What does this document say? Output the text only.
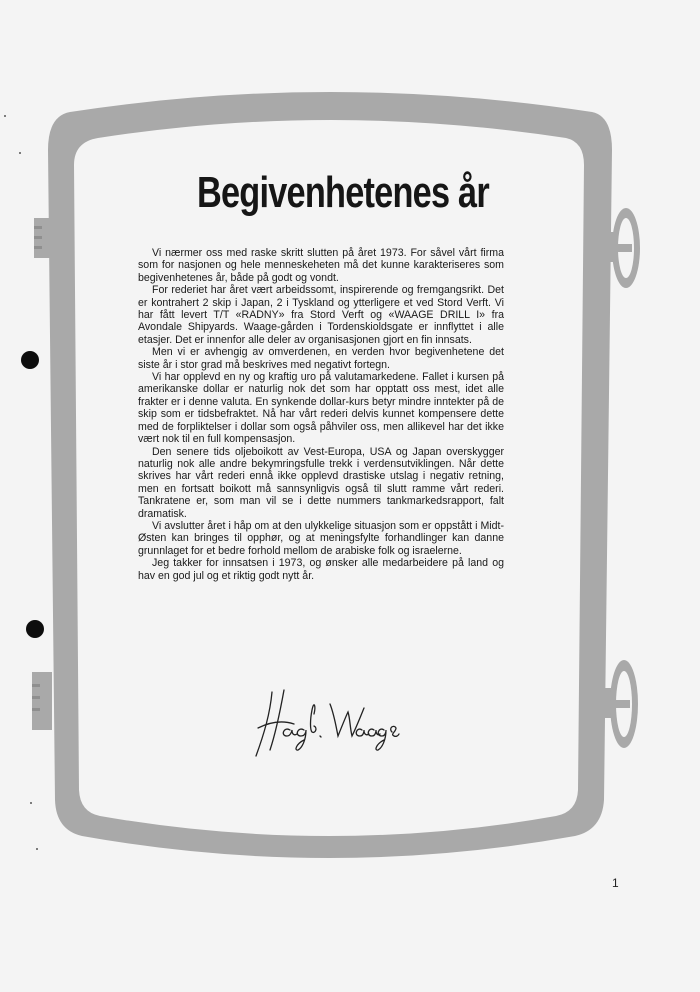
Begivenhetenes år

Vi nærmer oss med raske skritt slutten på året 1973. For såvel vårt firma som for nasjonen og hele menneskeheten må det kunne karakteriseres som begivenhetenes år, både på godt og vondt.

For rederiet har året vært arbeidssomt, inspirerende og fremgangsrikt. Det er kontrahert 2 skip i Japan, 2 i Tyskland og ytterligere et ved Stord Verft. Vi har fått levert T/T «RADNY» fra Stord Verft og «WAAGE DRILL I» fra Avondale Shipyards. Waage-gården i Tordenskioldsgate er innflyttet i alle etasjer. Det er innenfor alle deler av organisasjonen gjort en fin innsats.

Men vi er avhengig av omverdenen, en verden hvor begivenhetene det siste år i stor grad må beskrives med negativt fortegn.

Vi har opplevd en ny og kraftig uro på valutamarkedene. Fallet i kursen på amerikanske dollar er naturlig nok det som har opptatt oss mest, idet alle frakter er i denne valuta. En synkende dollar-kurs betyr mindre inntekter på de skip som er tidsbefraktet. Nå har vårt rederi delvis kunnet kompensere dette med de forpliktelser i dollar som også påhviler oss, men allikevel har det ikke vært nok til en full kompensasjon.

Den senere tids oljeboikott av Vest-Europa, USA og Japan overskygger naturlig nok alle andre bekymringsfulle trekk i verdensutviklingen. Når dette skrives har vårt rederi ennå ikke opplevd drastiske utslag i negativ retning, men en fortsatt boikott må sannsynligvis også til slutt ramme vårt rederi. Tankratene er, som man vil se i dette nummers tankmarkedsrapport, falt dramatisk.

Vi avslutter året i håp om at den ulykkelige situasjon som er oppstått i Midt-Østen kan bringes til opphør, og at meningsfylte forhandlinger kan danne grunnlaget for et bedre forhold mellom de arabiske folk og israelerne.

Jeg takker for innsatsen i 1973, og ønsker alle medarbeidere på land og hav en god jul og et riktig godt nytt år.

1
